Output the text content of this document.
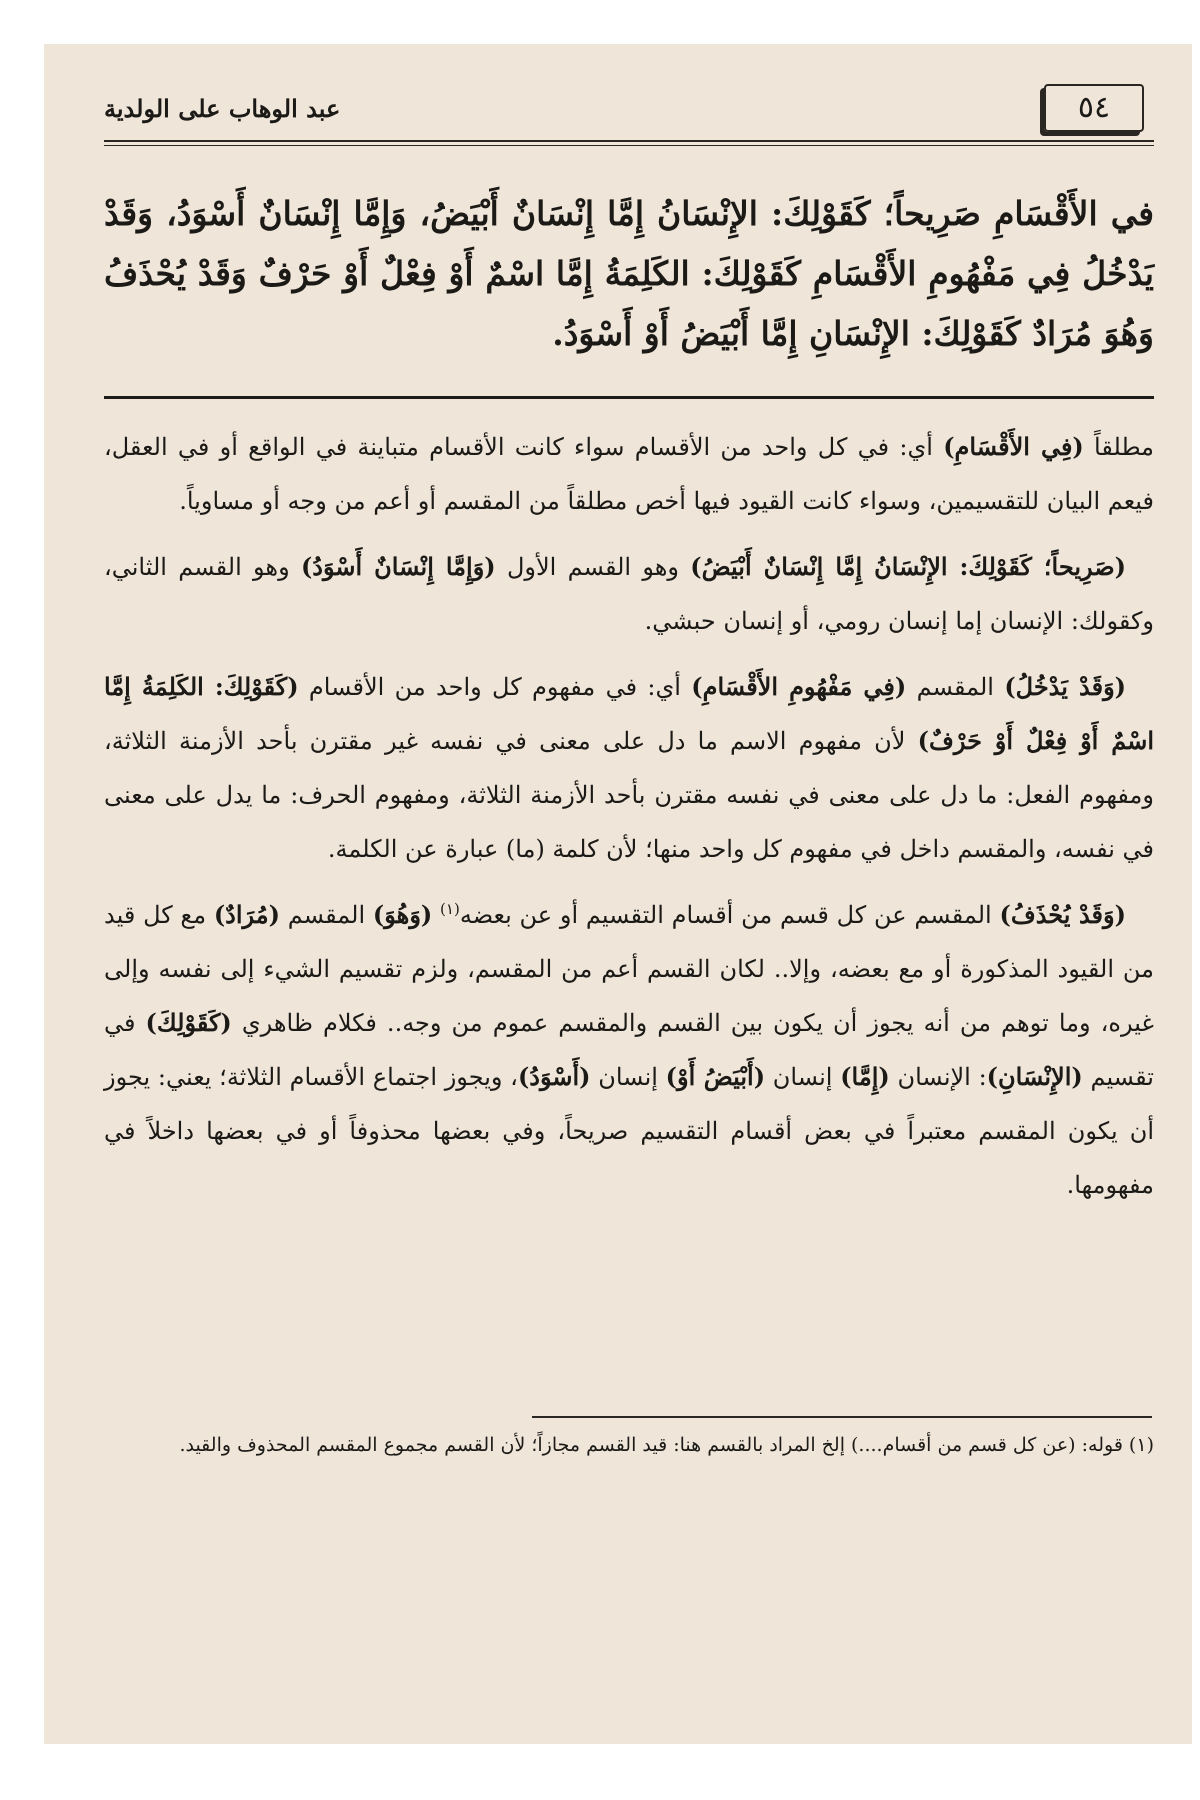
٥٤
عبد الوهاب على الولدية

في الأَقْسَامِ صَرِيحاً؛ كَقَوْلِكَ: الإِنْسَانُ إِمَّا إِنْسَانٌ أَبْيَضُ، وَإِمَّا إِنْسَانٌ أَسْوَدُ، وَقَدْ يَدْخُلُ فِي مَفْهُومِ الأَقْسَامِ كَقَوْلِكَ: الكَلِمَةُ إِمَّا اسْمٌ أَوْ فِعْلٌ أَوْ حَرْفٌ وَقَدْ يُحْذَفُ وَهُوَ مُرَادٌ كَقَوْلِكَ: الإِنْسَانِ إِمَّا أَبْيَضُ أَوْ أَسْوَدُ.

مطلقاً (فِي الأَقْسَامِ) أي: في كل واحد من الأقسام سواء كانت الأقسام متباينة في الواقع أو في العقل، فيعم البيان للتقسيمين، وسواء كانت القيود فيها أخص مطلقاً من المقسم أو أعم من وجه أو مساوياً.

(صَرِيحاً؛ كَقَوْلِكَ: الإِنْسَانُ إِمَّا إِنْسَانٌ أَبْيَضُ) وهو القسم الأول (وَإِمَّا إِنْسَانٌ أَسْوَدُ) وهو القسم الثاني، وكقولك: الإنسان إما إنسان رومي، أو إنسان حبشي.

(وَقَدْ يَدْخُلُ) المقسم (فِي مَفْهُومِ الأَقْسَامِ) أي: في مفهوم كل واحد من الأقسام (كَقَوْلِكَ: الكَلِمَةُ إِمَّا اسْمٌ أَوْ فِعْلٌ أَوْ حَرْفٌ) لأن مفهوم الاسم ما دل على معنى في نفسه غير مقترن بأحد الأزمنة الثلاثة، ومفهوم الفعل: ما دل على معنى في نفسه مقترن بأحد الأزمنة الثلاثة، ومفهوم الحرف: ما يدل على معنى في نفسه، والمقسم داخل في مفهوم كل واحد منها؛ لأن كلمة (ما) عبارة عن الكلمة.

(وَقَدْ يُحْذَفُ) المقسم عن كل قسم من أقسام التقسيم أو عن بعضه$^{(١)}$ (وَهُوَ) المقسم (مُرَادٌ) مع كل قيد من القيود المذكورة أو مع بعضه، وإلا.. لكان القسم أعم من المقسم، ولزم تقسيم الشيء إلى نفسه وإلى غيره، وما توهم من أنه يجوز أن يكون بين القسم والمقسم عموم من وجه.. فكلام ظاهري (كَقَوْلِكَ) في تقسيم (الإِنْسَانِ): الإنسان (إِمَّا) إنسان (أَبْيَضُ أَوْ) إنسان (أَسْوَدُ)، ويجوز اجتماع الأقسام الثلاثة؛ يعني: يجوز أن يكون المقسم معتبراً في بعض أقسام التقسيم صريحاً، وفي بعضها محذوفاً أو في بعضها داخلاً في مفهومها.

(١) قوله: (عن كل قسم من أقسام....) إلخ المراد بالقسم هنا: قيد القسم مجازاً؛ لأن القسم مجموع المقسم المحذوف والقيد.
